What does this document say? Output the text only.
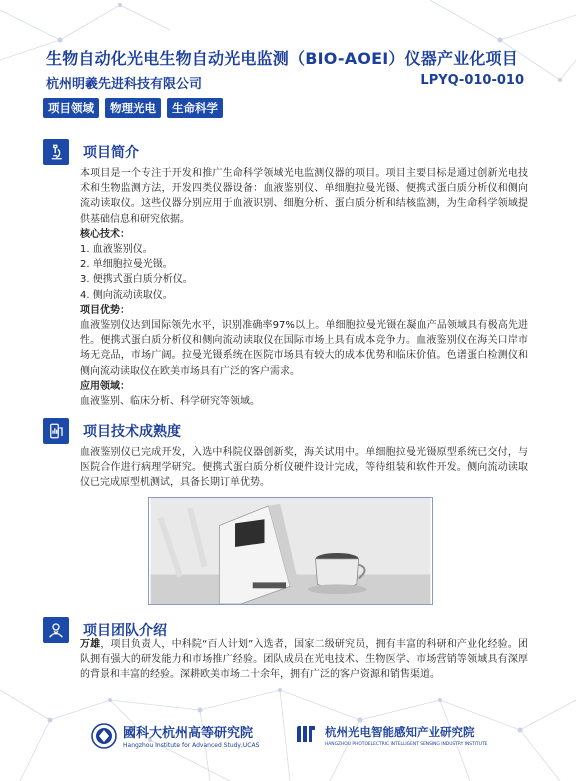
生物自动化光电生物自动光电监测（BIO-AOEI）仪器产业化项目
杭州明羲先进科技有限公司	LPYQ-010-010
项目领域	物理光电	生命科学
项目简介
本项目是一个专注于开发和推广生命科学领域光电监测仪器的项目。项目主要目标是通过创新光电技术和生物监测方法，开发四类仪器设备：血液鉴别仪、单细胞拉曼光镊、便携式蛋白质分析仪和侧向流动读取仪。这些仪器分别应用于血液识别、细胞分析、蛋白质分析和结核监测，为生命科学领域提供基础信息和研究依据。
核心技术：
1. 血液鉴别仪。
2. 单细胞拉曼光镊。
3. 便携式蛋白质分析仪。
4. 侧向流动读取仪。
项目优势：
血液鉴别仪达到国际领先水平，识别准确率97%以上。单细胞拉曼光镊在凝血产品领域具有极高先进性。便携式蛋白质分析仪和侧向流动读取仪在国际市场上具有成本竞争力。血液鉴别仪在海关口岸市场无竞品，市场广阔。拉曼光镊系统在医院市场具有较大的成本优势和临床价值。色谱蛋白检测仪和侧向流动读取仪在欧美市场具有广泛的客户需求。
应用领域：
血液鉴别、临床分析、科学研究等领域。
项目技术成熟度
血液鉴别仪已完成开发，入选中科院仪器创新奖，海关试用中。单细胞拉曼光镊原型系统已交付，与医院合作进行病理学研究。便携式蛋白质分析仪硬件设计完成，等待组装和软件开发。侧向流动读取仪已完成原型机测试，具备长期订单优势。
项目团队介绍
万雄，项目负责人，中科院“百人计划”入选者，国家二级研究员，拥有丰富的科研和产业化经验。团队拥有强大的研发能力和市场推广经验。团队成员在光电技术、生物医学、市场营销等领域具有深厚的背景和丰富的经验。深耕欧美市场二十余年，拥有广泛的客户资源和销售渠道。
國科大杭州高等研究院
Hangzhou Institute for Advanced Study,UCAS
杭州光电智能感知产业研究院
HANGZHOU PHOTOELECTRIC INTELLIGENT SENSING INDUSTRY INSTITUTE
